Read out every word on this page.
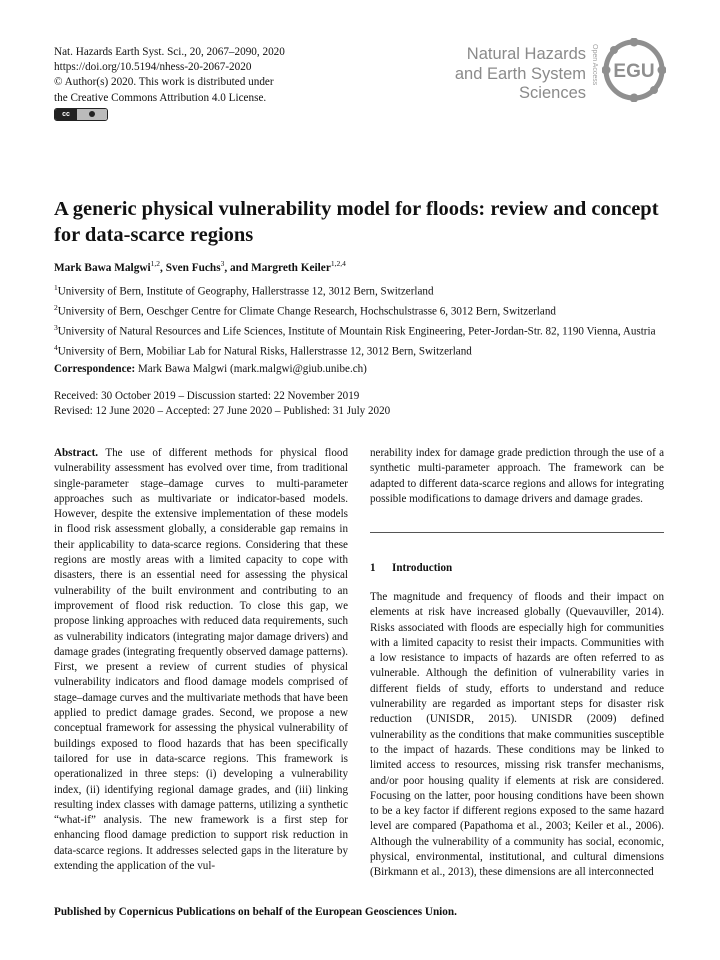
Nat. Hazards Earth Syst. Sci., 20, 2067–2090, 2020
https://doi.org/10.5194/nhess-20-2067-2020
© Author(s) 2020. This work is distributed under
the Creative Commons Attribution 4.0 License.
cc
Natural Hazards
and Earth System
Sciences
Open Access EGU
A generic physical vulnerability model for floods: review and concept for data-scarce regions
Mark Bawa Malgwi$^{1,2}$, Sven Fuchs$^3$, and Margreth Keiler$^{1,2,4}$
$^1$University of Bern, Institute of Geography, Hallerstrasse 12, 3012 Bern, Switzerland
$^2$University of Bern, Oeschger Centre for Climate Change Research, Hochschulstrasse 6, 3012 Bern, Switzerland
$^3$University of Natural Resources and Life Sciences, Institute of Mountain Risk Engineering, Peter-Jordan-Str. 82, 1190 Vienna, Austria
$^4$University of Bern, Mobiliar Lab for Natural Risks, Hallerstrasse 12, 3012 Bern, Switzerland
Correspondence: Mark Bawa Malgwi (mark.malgwi@giub.unibe.ch)
Received: 30 October 2019 – Discussion started: 22 November 2019
Revised: 12 June 2020 – Accepted: 27 June 2020 – Published: 31 July 2020
Abstract. The use of different methods for physical flood vulnerability assessment has evolved over time, from traditional single-parameter stage–damage curves to multi-parameter approaches such as multivariate or indicator-based models. However, despite the extensive implementation of these models in flood risk assessment globally, a considerable gap remains in their applicability to data-scarce regions. Considering that these regions are mostly areas with a limited capacity to cope with disasters, there is an essential need for assessing the physical vulnerability of the built environment and contributing to an improvement of flood risk reduction. To close this gap, we propose linking approaches with reduced data requirements, such as vulnerability indicators (integrating major damage drivers) and damage grades (integrating frequently observed damage patterns). First, we present a review of current studies of physical vulnerability indicators and flood damage models comprised of stage–damage curves and the multivariate methods that have been applied to predict damage grades. Second, we propose a new conceptual framework for assessing the physical vulnerability of buildings exposed to flood hazards that has been specifically tailored for use in data-scarce regions. This framework is operationalized in three steps: (i) developing a vulnerability index, (ii) identifying regional damage grades, and (iii) linking resulting index classes with damage patterns, utilizing a synthetic “what-if” analysis. The new framework is a first step for enhancing flood damage prediction to support risk reduction in data-scarce regions. It addresses selected gaps in the literature by extending the application of the vul-
nerability index for damage grade prediction through the use of a synthetic multi-parameter approach. The framework can be adapted to different data-scarce regions and allows for integrating possible modifications to damage drivers and damage grades.
1 Introduction
The magnitude and frequency of floods and their impact on elements at risk have increased globally (Quevauviller, 2014). Risks associated with floods are especially high for communities with a limited capacity to resist their impacts. Communities with a low resistance to impacts of hazards are often referred to as vulnerable. Although the definition of vulnerability varies in different fields of study, efforts to understand and reduce vulnerability are regarded as important steps for disaster risk reduction (UNISDR, 2015). UNISDR (2009) defined vulnerability as the conditions that make communities susceptible to the impact of hazards. These conditions may be linked to limited access to resources, missing risk transfer mechanisms, and/or poor housing quality if elements at risk are considered. Focusing on the latter, poor housing conditions have been shown to be a key factor if different regions exposed to the same hazard level are compared (Papathoma et al., 2003; Keiler et al., 2006). Although the vulnerability of a community has social, economic, physical, environmental, institutional, and cultural dimensions (Birkmann et al., 2013), these dimensions are all interconnected
Published by Copernicus Publications on behalf of the European Geosciences Union.
